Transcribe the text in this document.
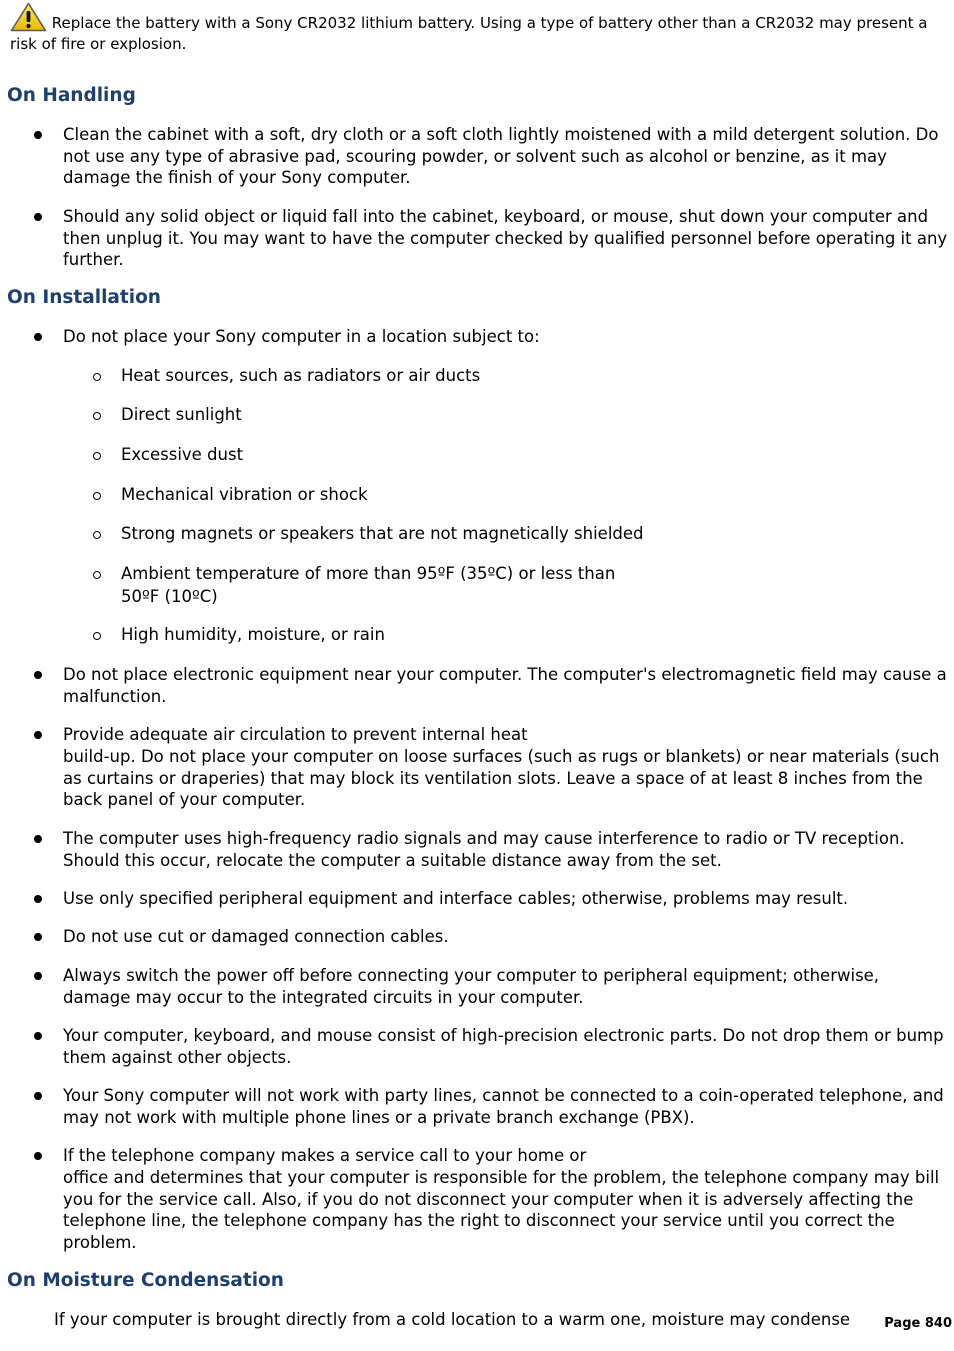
Replace the battery with a Sony CR2032 lithium battery. Using a type of battery other than a CR2032 may present a risk of fire or explosion.
On Handling
Clean the cabinet with a soft, dry cloth or a soft cloth lightly moistened with a mild detergent solution. Do not use any type of abrasive pad, scouring powder, or solvent such as alcohol or benzine, as it may damage the finish of your Sony computer.
Should any solid object or liquid fall into the cabinet, keyboard, or mouse, shut down your computer and then unplug it. You may want to have the computer checked by qualified personnel before operating it any further.
On Installation
Do not place your Sony computer in a location subject to:
Heat sources, such as radiators or air ducts
Direct sunlight
Excessive dust
Mechanical vibration or shock
Strong magnets or speakers that are not magnetically shielded
Ambient temperature of more than 95ºF (35ºC) or less than
50ºF (10ºC)
High humidity, moisture, or rain
Do not place electronic equipment near your computer. The computer's electromagnetic field may cause a malfunction.
Provide adequate air circulation to prevent internal heat
build-up. Do not place your computer on loose surfaces (such as rugs or blankets) or near materials (such as curtains or draperies) that may block its ventilation slots. Leave a space of at least 8 inches from the back panel of your computer.
The computer uses high-frequency radio signals and may cause interference to radio or TV reception. Should this occur, relocate the computer a suitable distance away from the set.
Use only specified peripheral equipment and interface cables; otherwise, problems may result.
Do not use cut or damaged connection cables.
Always switch the power off before connecting your computer to peripheral equipment; otherwise, damage may occur to the integrated circuits in your computer.
Your computer, keyboard, and mouse consist of high-precision electronic parts. Do not drop them or bump them against other objects.
Your Sony computer will not work with party lines, cannot be connected to a coin-operated telephone, and may not work with multiple phone lines or a private branch exchange (PBX).
If the telephone company makes a service call to your home or
office and determines that your computer is responsible for the problem, the telephone company may bill you for the service call. Also, if you do not disconnect your computer when it is adversely affecting the telephone line, the telephone company has the right to disconnect your service until you correct the problem.
On Moisture Condensation
If your computer is brought directly from a cold location to a warm one, moisture may condense	Page 840
